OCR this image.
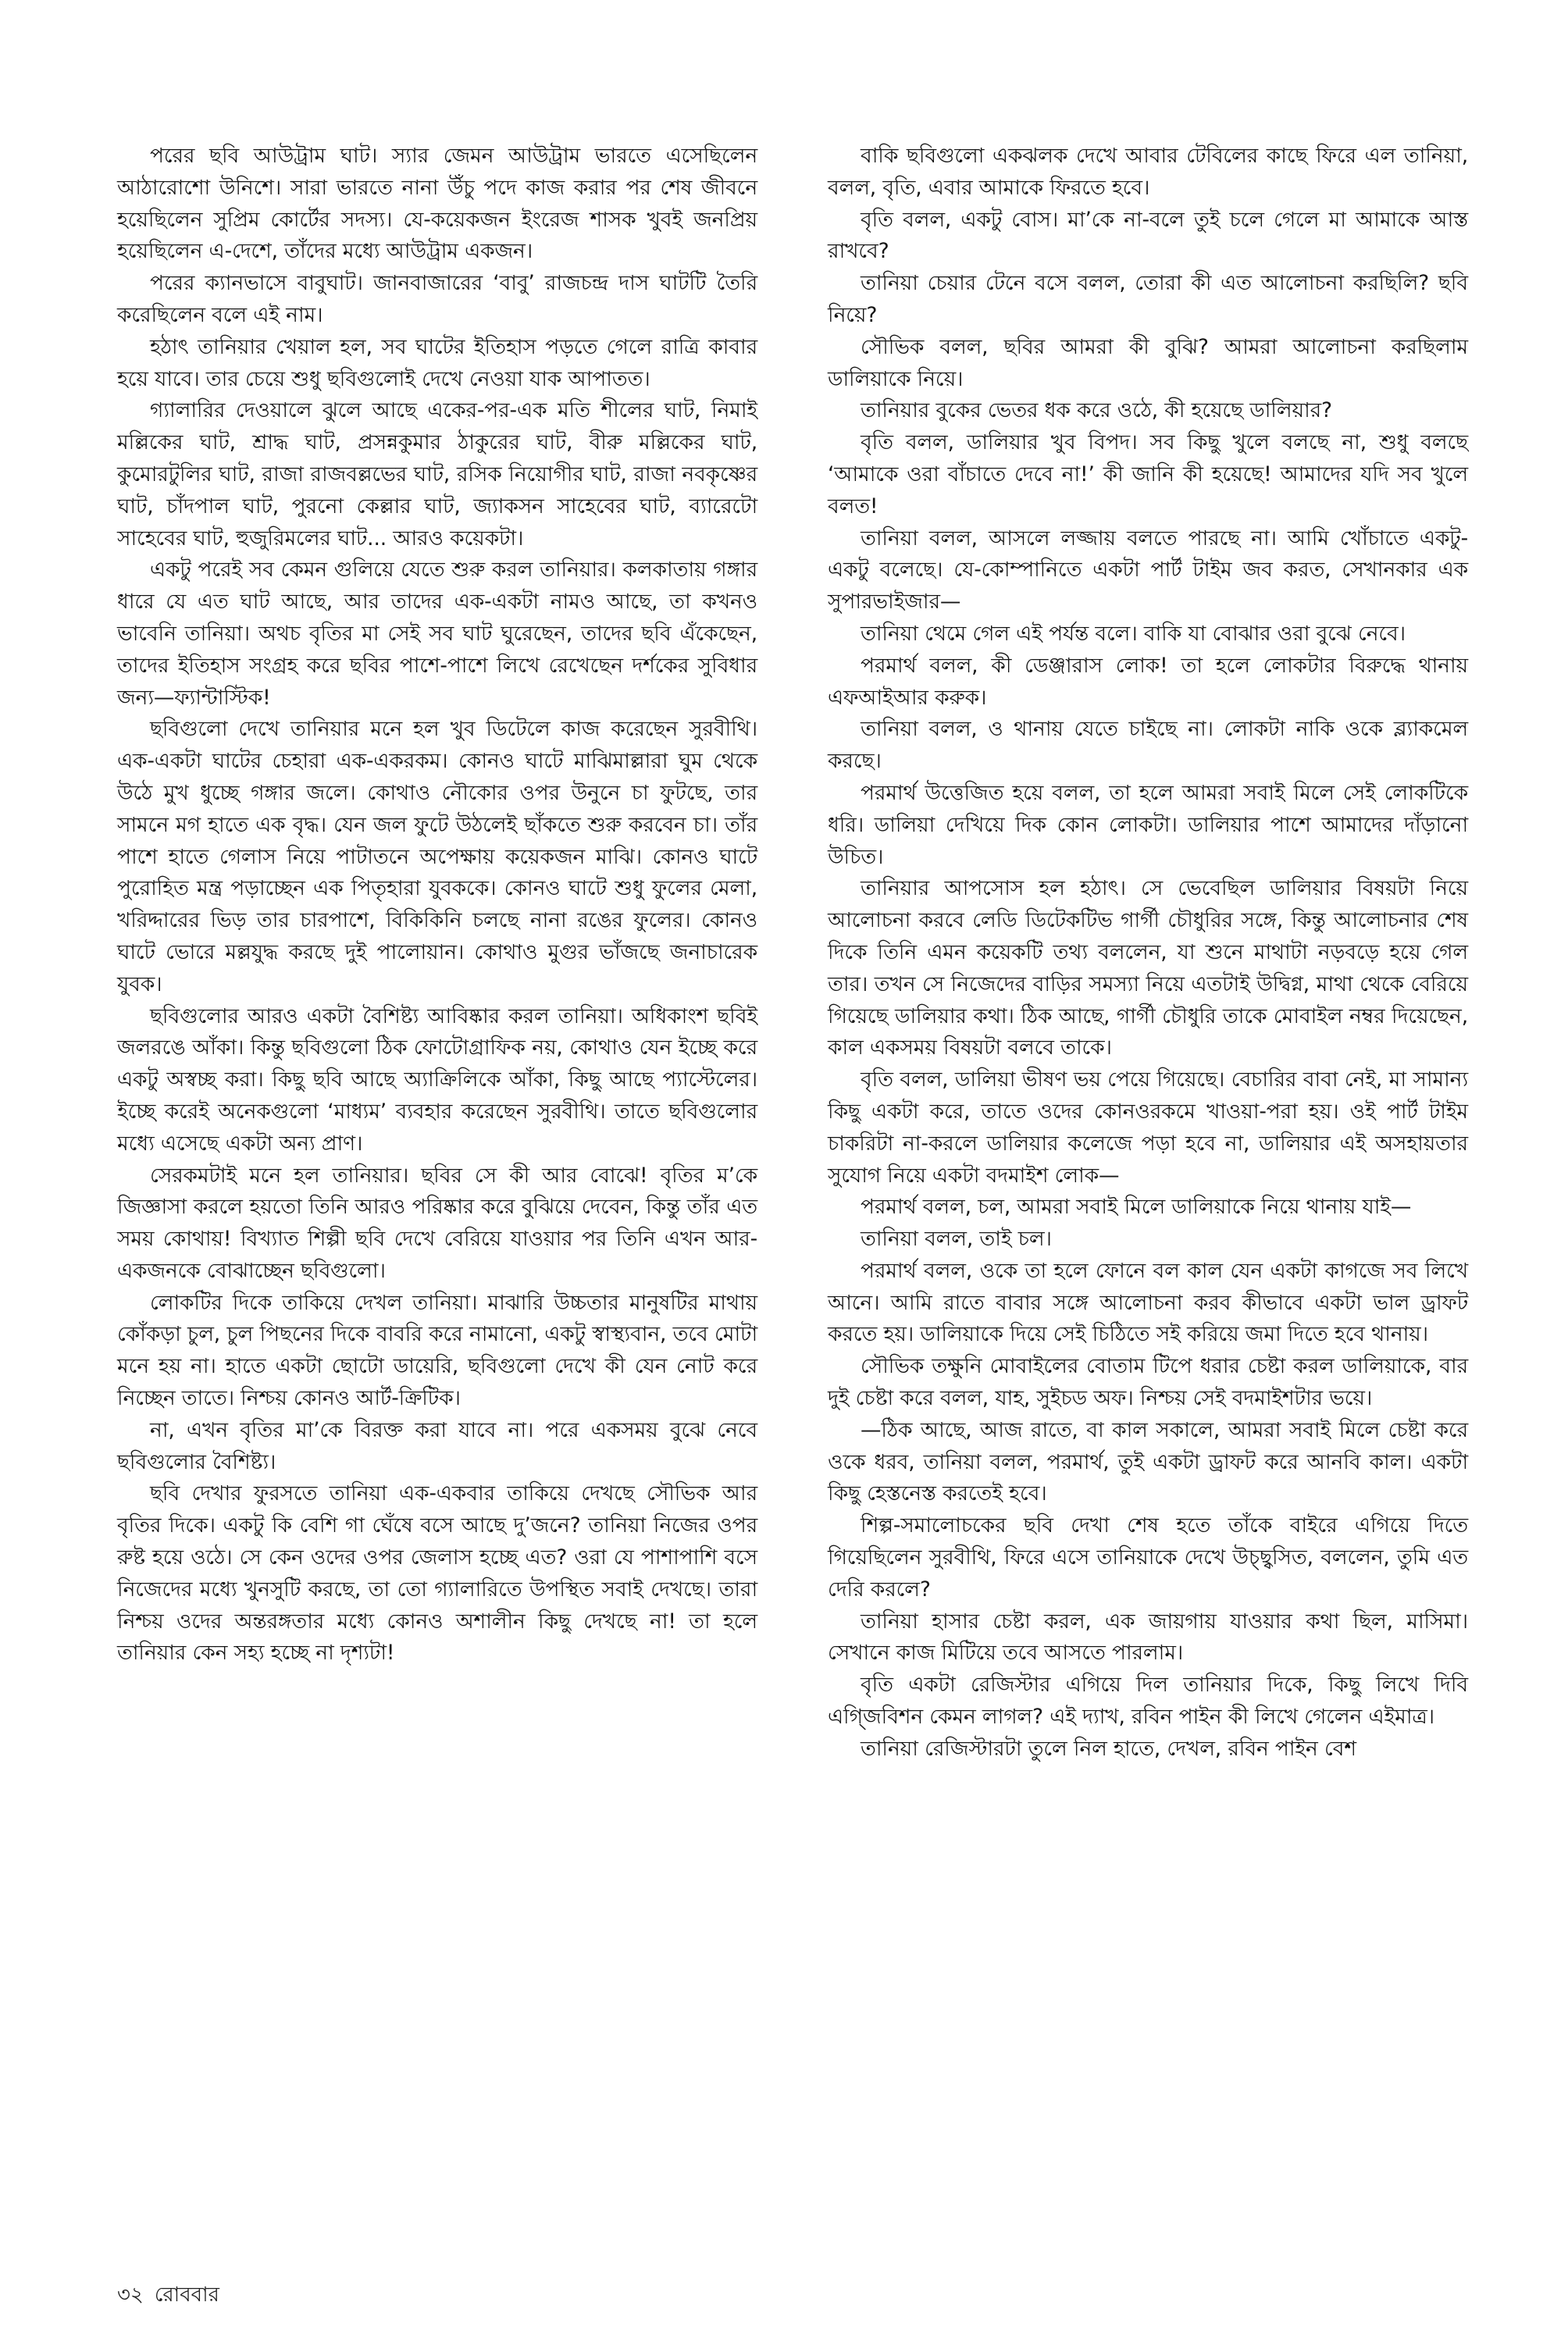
পরের ছবি আউট্রাম ঘাট। স্যার জেমন আউট্রাম ভারতে এসেছিলেন আঠারোশো উনিশে। সারা ভারতে নানা উঁচু পদে কাজ করার পর শেষ জীবনে হয়েছিলেন সুপ্রিম কোর্টের সদস্য। যে-কয়েকজন ইংরেজ শাসক খুবই জনপ্রিয় হয়েছিলেন এ-দেশে, তাঁদের মধ্যে আউট্রাম একজন।

পরের ক্যানভাসে বাবুঘাট। জানবাজারের ‘বাবু’ রাজচন্দ্র দাস ঘাটটি তৈরি করেছিলেন বলে এই নাম।

হঠাৎ তানিয়ার খেয়াল হল, সব ঘাটের ইতিহাস পড়তে গেলে রাত্রি কাবার হয়ে যাবে। তার চেয়ে শুধু ছবিগুলোই দেখে নেওয়া যাক আপাতত।

গ্যালারির দেওয়ালে ঝুলে আছে একের-পর-এক মতি শীলের ঘাট, নিমাই মল্লিকের ঘাট, শ্রাদ্ধ ঘাট, প্রসন্নকুমার ঠাকুরের ঘাট, বীরু মল্লিকের ঘাট, কুমোরটুলির ঘাট, রাজা রাজবল্লভের ঘাট, রসিক নিয়োগীর ঘাট, রাজা নবকৃষ্ণের ঘাট, চাঁদপাল ঘাট, পুরনো কেল্লার ঘাট, জ্যাকসন সাহেবের ঘাট, ব্যারেটো সাহেবের ঘাট, হুজুরিমলের ঘাট... আরও কয়েকটা।

একটু পরেই সব কেমন গুলিয়ে যেতে শুরু করল তানিয়ার। কলকাতায় গঙ্গার ধারে যে এত ঘাট আছে, আর তাদের এক-একটা নামও আছে, তা কখনও ভাবেনি তানিয়া। অথচ বৃতির মা সেই সব ঘাট ঘুরেছেন, তাদের ছবি এঁকেছেন, তাদের ইতিহাস সংগ্রহ করে ছবির পাশে-পাশে লিখে রেখেছেন দর্শকের সুবিধার জন্য—ফ্যান্টাস্টিক!

ছবিগুলো দেখে তানিয়ার মনে হল খুব ডিটেলে কাজ করেছেন সুরবীথি। এক-একটা ঘাটের চেহারা এক-একরকম। কোনও ঘাটে মাঝিমাল্লারা ঘুম থেকে উঠে মুখ ধুচ্ছে গঙ্গার জলে। কোথাও নৌকোর ওপর উনুনে চা ফুটছে, তার সামনে মগ হাতে এক বৃদ্ধ। যেন জল ফুটে উঠলেই ছাঁকতে শুরু করবেন চা। তাঁর পাশে হাতে গেলাস নিয়ে পাটাতনে অপেক্ষায় কয়েকজন মাঝি। কোনও ঘাটে পুরোহিত মন্ত্র পড়াচ্ছেন এক পিতৃহারা যুবককে। কোনও ঘাটে শুধু ফুলের মেলা, খরিদ্দারের ভিড় তার চারপাশে, বিকিকিনি চলছে নানা রঙের ফুলের। কোনও ঘাটে ভোরে মল্লযুদ্ধ করছে দুই পালোয়ান। কোথাও মুগুর ভাঁজছে জনাচারেক যুবক।

ছবিগুলোর আরও একটা বৈশিষ্ট্য আবিষ্কার করল তানিয়া। অধিকাংশ ছবিই জলরঙে আঁকা। কিন্তু ছবিগুলো ঠিক ফোটোগ্রাফিক নয়, কোথাও যেন ইচ্ছে করে একটু অস্বচ্ছ করা। কিছু ছবি আছে অ্যাক্রিলিকে আঁকা, কিছু আছে প্যাস্টেলের। ইচ্ছে করেই অনেকগুলো ‘মাধ্যম’ ব্যবহার করেছেন সুরবীথি। তাতে ছবিগুলোর মধ্যে এসেছে একটা অন্য প্রাণ।

সেরকমটাই মনে হল তানিয়ার। ছবির সে কী আর বোঝে! বৃতির ম’কে জিজ্ঞাসা করলে হয়তো তিনি আরও পরিষ্কার করে বুঝিয়ে দেবেন, কিন্তু তাঁর এত সময় কোথায়! বিখ্যাত শিল্পী ছবি দেখে বেরিয়ে যাওয়ার পর তিনি এখন আর-একজনকে বোঝাচ্ছেন ছবিগুলো।

লোকটির দিকে তাকিয়ে দেখল তানিয়া। মাঝারি উচ্চতার মানুষটির মাথায় কোঁকড়া চুল, চুল পিছনের দিকে বাবরি করে নামানো, একটু স্বাস্থ্যবান, তবে মোটা মনে হয় না। হাতে একটা ছোটো ডায়েরি, ছবিগুলো দেখে কী যেন নোট করে নিচ্ছেন তাতে। নিশ্চয় কোনও আর্ট-ক্রিটিক।

না, এখন বৃতির মা’কে বিরক্ত করা যাবে না। পরে একসময় বুঝে নেবে ছবিগুলোর বৈশিষ্ট্য।

ছবি দেখার ফুরসতে তানিয়া এক-একবার তাকিয়ে দেখছে সৌভিক আর বৃতির দিকে। একটু কি বেশি গা ঘেঁষে বসে আছে দু’জনে? তানিয়া নিজের ওপর রুষ্ট হয়ে ওঠে। সে কেন ওদের ওপর জেলাস হচ্ছে এত? ওরা যে পাশাপাশি বসে নিজেদের মধ্যে খুনসুটি করছে, তা তো গ্যালারিতে উপস্থিত সবাই দেখছে। তারা নিশ্চয় ওদের অন্তরঙ্গতার মধ্যে কোনও অশালীন কিছু দেখছে না! তা হলে তানিয়ার কেন সহ্য হচ্ছে না দৃশ্যটা!

বাকি ছবিগুলো একঝলক দেখে আবার টেবিলের কাছে ফিরে এল তানিয়া, বলল, বৃতি, এবার আমাকে ফিরতে হবে।

বৃতি বলল, একটু বোস। মা’কে না-বলে তুই চলে গেলে মা আমাকে আস্ত রাখবে?

তানিয়া চেয়ার টেনে বসে বলল, তোরা কী এত আলোচনা করছিলি? ছবি নিয়ে?

সৌভিক বলল, ছবির আমরা কী বুঝি? আমরা আলোচনা করছিলাম ডালিয়াকে নিয়ে।

তানিয়ার বুকের ভেতর ধক করে ওঠে, কী হয়েছে ডালিয়ার?

বৃতি বলল, ডালিয়ার খুব বিপদ। সব কিছু খুলে বলছে না, শুধু বলছে ‘আমাকে ওরা বাঁচাতে দেবে না!’ কী জানি কী হয়েছে! আমাদের যদি সব খুলে বলত!

তানিয়া বলল, আসলে লজ্জায় বলতে পারছে না। আমি খোঁচাতে একটু-একটু বলেছে। যে-কোম্পানিতে একটা পার্ট টাইম জব করত, সেখানকার এক সুপারভাইজার—

তানিয়া থেমে গেল এই পর্যন্ত বলে। বাকি যা বোঝার ওরা বুঝে নেবে।

পরমার্থ বলল, কী ডেঞ্জারাস লোক! তা হলে লোকটার বিরুদ্ধে থানায় এফআইআর করুক।

তানিয়া বলল, ও থানায় যেতে চাইছে না। লোকটা নাকি ওকে ব্ল্যাকমেল করছে।

পরমার্থ উত্তেজিত হয়ে বলল, তা হলে আমরা সবাই মিলে সেই লোকটিকে ধরি। ডালিয়া দেখিয়ে দিক কোন লোকটা। ডালিয়ার পাশে আমাদের দাঁড়ানো উচিত।

তানিয়ার আপসোস হল হঠাৎ। সে ভেবেছিল ডালিয়ার বিষয়টা নিয়ে আলোচনা করবে লেডি ডিটেকটিভ গার্গী চৌধুরির সঙ্গে, কিন্তু আলোচনার শেষ দিকে তিনি এমন কয়েকটি তথ্য বললেন, যা শুনে মাথাটা নড়বড়ে হয়ে গেল তার। তখন সে নিজেদের বাড়ির সমস্যা নিয়ে এতটাই উদ্বিগ্ন, মাথা থেকে বেরিয়ে গিয়েছে ডালিয়ার কথা। ঠিক আছে, গার্গী চৌধুরি তাকে মোবাইল নম্বর দিয়েছেন, কাল একসময় বিষয়টা বলবে তাকে।

বৃতি বলল, ডালিয়া ভীষণ ভয় পেয়ে গিয়েছে। বেচারির বাবা নেই, মা সামান্য কিছু একটা করে, তাতে ওদের কোনওরকমে খাওয়া-পরা হয়। ওই পার্ট টাইম চাকরিটা না-করলে ডালিয়ার কলেজে পড়া হবে না, ডালিয়ার এই অসহায়তার সুযোগ নিয়ে একটা বদমাইশ লোক—

পরমার্থ বলল, চল, আমরা সবাই মিলে ডালিয়াকে নিয়ে থানায় যাই—

তানিয়া বলল, তাই চল।

পরমার্থ বলল, ওকে তা হলে ফোনে বল কাল যেন একটা কাগজে সব লিখে আনে। আমি রাতে বাবার সঙ্গে আলোচনা করব কীভাবে একটা ভাল ড্রাফট করতে হয়। ডালিয়াকে দিয়ে সেই চিঠিতে সই করিয়ে জমা দিতে হবে থানায়।

সৌভিক তক্ষুনি মোবাইলের বোতাম টিপে ধরার চেষ্টা করল ডালিয়াকে, বার দুই চেষ্টা করে বলল, যাহ, সুইচড অফ। নিশ্চয় সেই বদমাইশটার ভয়ে।

—ঠিক আছে, আজ রাতে, বা কাল সকালে, আমরা সবাই মিলে চেষ্টা করে ওকে ধরব, তানিয়া বলল, পরমার্থ, তুই একটা ড্রাফট করে আনবি কাল। একটা কিছু হেস্তনেস্ত করতেই হবে।

শিল্প-সমালোচকের ছবি দেখা শেষ হতে তাঁকে বাইরে এগিয়ে দিতে গিয়েছিলেন সুরবীথি, ফিরে এসে তানিয়াকে দেখে উচ্ছ্বসিত, বললেন, তুমি এত দেরি করলে?

তানিয়া হাসার চেষ্টা করল, এক জায়গায় যাওয়ার কথা ছিল, মাসিমা। সেখানে কাজ মিটিয়ে তবে আসতে পারলাম।

বৃতি একটা রেজিস্টার এগিয়ে দিল তানিয়ার দিকে, কিছু লিখে দিবি এগ্জিবিশন কেমন লাগল? এই দ্যাখ, রবিন পাইন কী লিখে গেলেন এইমাত্র।

তানিয়া রেজিস্টারটা তুলে নিল হাতে, দেখল, রবিন পাইন বেশ

৩২ রোববার
